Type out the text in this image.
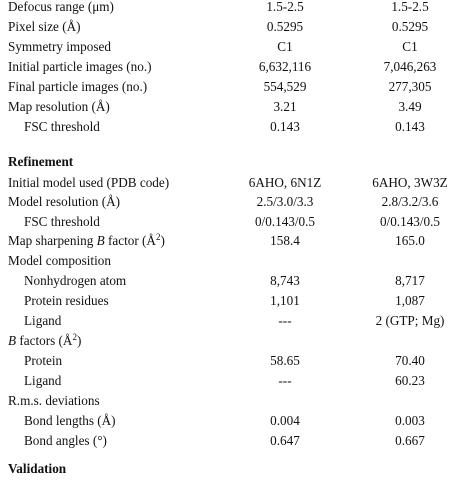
Defocus range (μm)	1.5-2.5	1.5-2.5
Pixel size (Å)	0.5295	0.5295
Symmetry imposed	C1	C1
Initial particle images (no.)	6,632,116	7,046,263
Final particle images (no.)	554,529	277,305
Map resolution (Å)	3.21	3.49
FSC threshold	0.143	0.143
Refinement
Initial model used (PDB code)	6AHO, 6N1Z	6AHO, 3W3Z
Model resolution (Å)	2.5/3.0/3.3	2.8/3.2/3.6
FSC threshold	0/0.143/0.5	0/0.143/0.5
Map sharpening B factor $(Å^2)$	158.4	165.0
Model composition
Nonhydrogen atom	8,743	8,717
Protein residues	1,101	1,087
Ligand	---	2 (GTP; Mg)
B factors $(Å^2)$
Protein	58.65	70.40
Ligand	---	60.23
R.m.s. deviations
Bond lengths (Å)	0.004	0.003
Bond angles (°)	0.647	0.667
Validation
